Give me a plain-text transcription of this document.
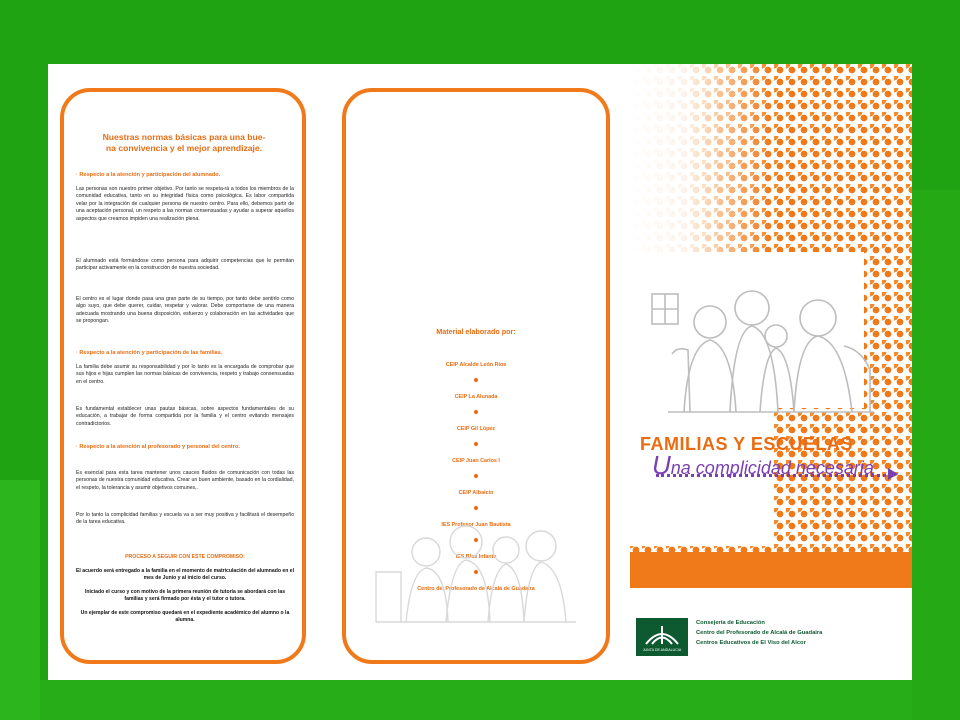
Nuestras normas básicas para una bue-
na convivencia y el mejor aprendizaje.
· Respecto a la atención y participación del alumnado.
Las personas son nuestro primer objetivo. Por tanto se respeta-rá a todos los miembros de la comunidad educativa, tanto en su integridad física como psicológica. Es labor compartida velar por la integración de cualquier persona de nuestro centro. Para ello, debemos partir de una aceptación personal, un respeto a las normas consensuadas y ayudar a superar aquellos aspectos que creamos impiden una realización plena.
El alumnado está formándose como persona para adquirir competencias que le permitan participar activamente en la construcción de nuestra sociedad.
El centro es el lugar donde pasa una gran parte de su tiempo, por tanto debe sentirlo como algo suyo, que debe querer, cuidar, respetar y valorar. Debe comportarse de una manera adecuada mostrando una buena disposición, esfuerzo y colaboración en las actividades que se propongan.
· Respecto a la atención y participación de las familias.
La familia debe asumir su responsabilidad y por lo tanto es la encargada de comprobar que sus hijos e hijas cumplen las normas básicas de convivencia, respeto y trabajo consensuadas en el centro.
Es fundamental establecer unas pautas básicas, sobre aspectos fundamentales de su educación, a trabajar de forma compartida por la familia y el centro evitando mensajes contradictorios.
· Respecto a la atención al profesorado y personal del centro.
Es esencial para esta tarea mantener unos cauces fluidos de comunicación con todas las personas de nuestra comunidad educativa. Crear un buen ambiente, basado en la cordialidad, el respeto, la tolerancia y asumir objetivos comunes,.
Por lo tanto la complicidad familias y escuela va a ser muy positiva y facilitará el desempeño de la tarea educativa.
PROCESO A SEGUIR CON ESTE COMPROMISO:
El acuerdo será entregado a la familia en el momento de matriculación del alumnado en el mes de Junio y al inicio del curso.
Iniciado el curso y con motivo de la primera reunión de tutoría se abordará con las familias y será firmado por ésta y el tutor o tutora.
Un ejemplar de este compromiso quedará en el expediente académico del alumno o la alumna.
Material elaborado por:
CEIP Alcalde León Ríos
CEIP La Alunada
CEIP Gil López
CEIP Juan Carlos I
CEIP Albaicín
IES Profesor Juan Bautista
IES Blas Infante
Centro del Profesorado de Alcalá de Guadaira
FAMILIAS Y ESCUELAS
Una complicidad necesaria
JUNTA DE ANDALUCIA
Consejería de Educación
Centro del Profesorado de Alcalá de Guadaira
Centros Educativos de El Viso del Alcor
